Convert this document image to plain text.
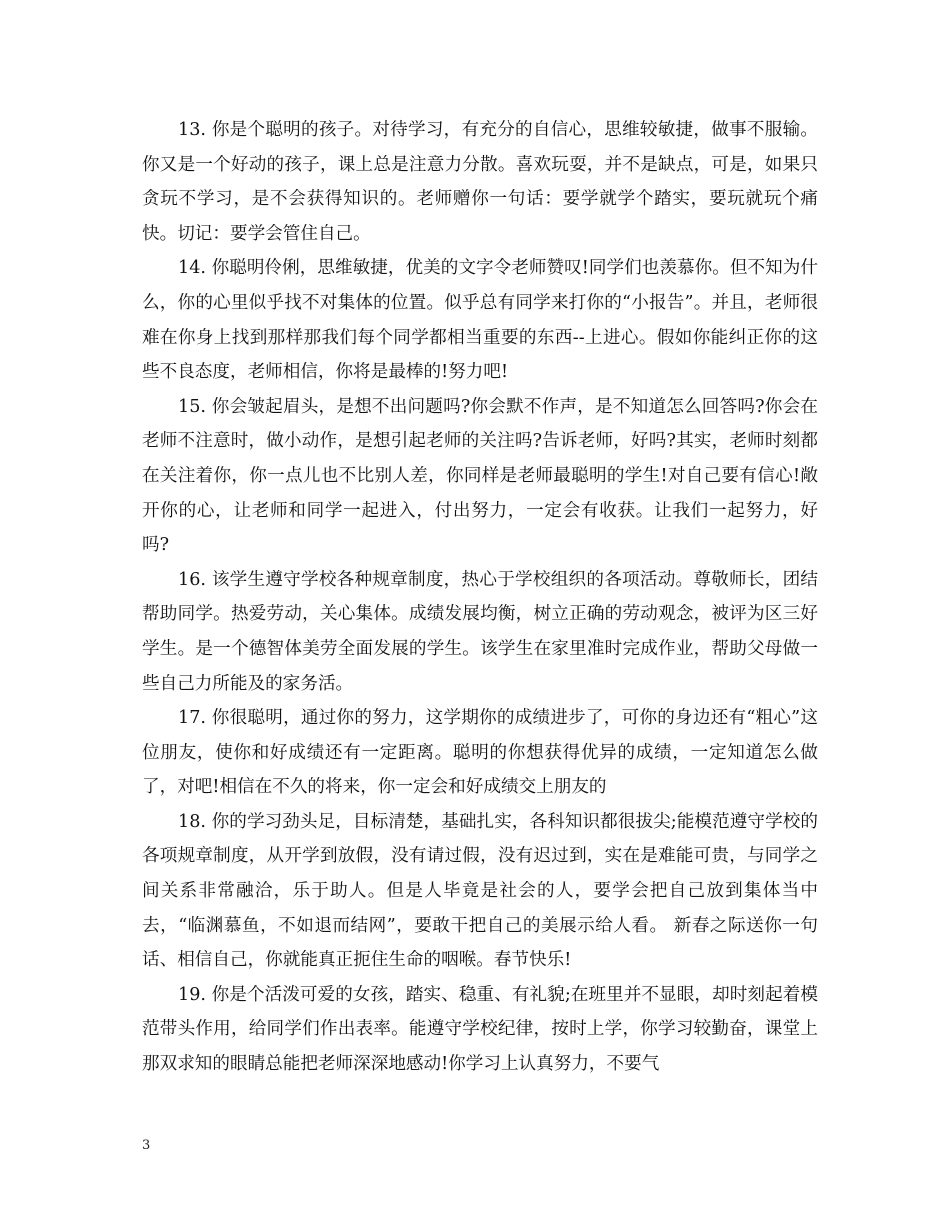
13. 你是个聪明的孩子。对待学习，有充分的自信心，思维较敏捷，做事不服输。你又是一个好动的孩子，课上总是注意力分散。喜欢玩耍，并不是缺点，可是，如果只贪玩不学习，是不会获得知识的。老师赠你一句话：要学就学个踏实，要玩就玩个痛快。切记：要学会管住自己。

14. 你聪明伶俐，思维敏捷，优美的文字令老师赞叹!同学们也羡慕你。但不知为什么，你的心里似乎找不对集体的位置。似乎总有同学来打你的“小报告”。并且，老师很难在你身上找到那样那我们每个同学都相当重要的东西--上进心。假如你能纠正你的这些不良态度，老师相信，你将是最棒的!努力吧!

15. 你会皱起眉头，是想不出问题吗?你会默不作声，是不知道怎么回答吗?你会在老师不注意时，做小动作，是想引起老师的关注吗?告诉老师，好吗?其实，老师时刻都在关注着你，你一点儿也不比别人差，你同样是老师最聪明的学生!对自己要有信心!敞开你的心，让老师和同学一起进入，付出努力，一定会有收获。让我们一起努力，好吗?

16. 该学生遵守学校各种规章制度，热心于学校组织的各项活动。尊敬师长，团结帮助同学。热爱劳动，关心集体。成绩发展均衡，树立正确的劳动观念，被评为区三好学生。是一个德智体美劳全面发展的学生。该学生在家里准时完成作业，帮助父母做一些自己力所能及的家务活。

17. 你很聪明，通过你的努力，这学期你的成绩进步了，可你的身边还有“粗心”这位朋友，使你和好成绩还有一定距离。聪明的你想获得优异的成绩，一定知道怎么做了，对吧!相信在不久的将来，你一定会和好成绩交上朋友的

18. 你的学习劲头足，目标清楚，基础扎实，各科知识都很拔尖;能模范遵守学校的各项规章制度，从开学到放假，没有请过假，没有迟过到，实在是难能可贵，与同学之间关系非常融洽，乐于助人。但是人毕竟是社会的人，要学会把自己放到集体当中去，“临渊慕鱼，不如退而结网”，要敢干把自己的美展示给人看。 新春之际送你一句话、相信自己，你就能真正扼住生命的咽喉。春节快乐!

19. 你是个活泼可爱的女孩，踏实、稳重、有礼貌;在班里并不显眼，却时刻起着模范带头作用，给同学们作出表率。能遵守学校纪律，按时上学，你学习较勤奋，课堂上那双求知的眼睛总能把老师深深地感动!你学习上认真努力，不要气

3
